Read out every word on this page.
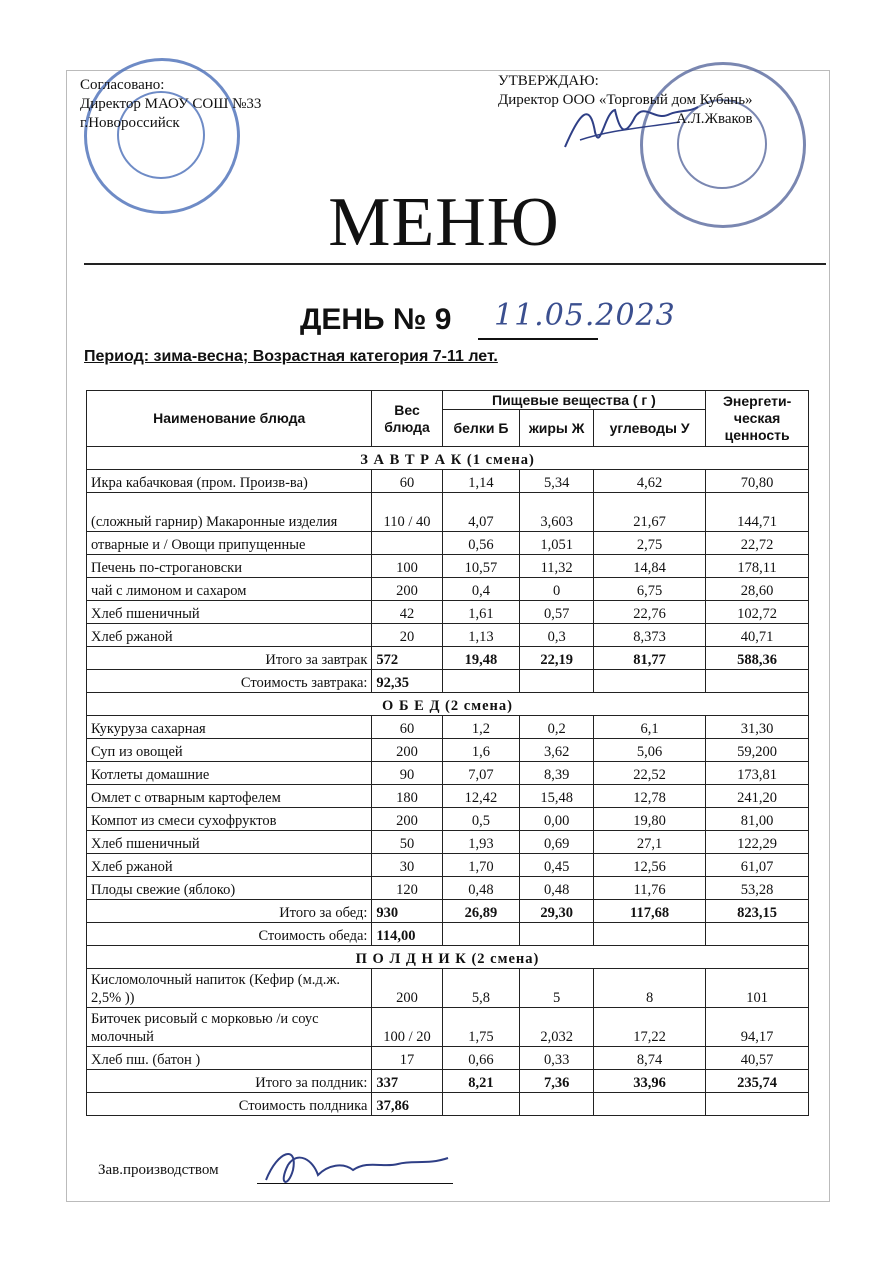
Согласовано:
Директор МАОУ СОШ №33
г.Новороссийск
УТВЕРЖДАЮ:
Директор ООО «Торговый дом Кубань»
А.Л.Жваков
МЕНЮ
ДЕНЬ № 9 11.05.2023
Период: зима-весна; Возрастная категория 7-11 лет.
Наименование блюда	Вес блюда	Пищевые вещества ( г )			Энергети-ческая ценность
		белки Б	жиры Ж	углеводы У	
З А В Т Р А К (1 смена)					
Икра кабачковая (пром. Произв-ва)	60	1,14	5,34	4,62	70,80
(сложный гарнир) Макаронные изделия	110 / 40	4,07	3,603	21,67	144,71
отварные и / Овощи припущенные		0,56	1,051	2,75	22,72
Печень по-строгановски	100	10,57	11,32	14,84	178,11
чай с лимоном и сахаром	200	0,4	0	6,75	28,60
Хлеб пшеничный	42	1,61	0,57	22,76	102,72
Хлеб ржаной	20	1,13	0,3	8,373	40,71
Итого за завтрак	572	19,48	22,19	81,77	588,36
Стоимость завтрака:	92,35				
О Б Е Д (2 смена)					
Кукуруза сахарная	60	1,2	0,2	6,1	31,30
Суп из овощей	200	1,6	3,62	5,06	59,200
Котлеты домашние	90	7,07	8,39	22,52	173,81
Омлет с отварным картофелем	180	12,42	15,48	12,78	241,20
Компот из смеси сухофруктов	200	0,5	0,00	19,80	81,00
Хлеб пшеничный	50	1,93	0,69	27,1	122,29
Хлеб ржаной	30	1,70	0,45	12,56	61,07
Плоды свежие (яблоко)	120	0,48	0,48	11,76	53,28
Итого за обед:	930	26,89	29,30	117,68	823,15
Стоимость обеда:	114,00				
П О Л Д Н И К (2 смена)					
Кисломолочный напиток (Кефир (м.д.ж. 2,5% ))	200	5,8	5	8	101
Биточек рисовый с морковью /и соус молочный	100 / 20	1,75	2,032	17,22	94,17
Хлеб пш. (батон )	17	0,66	0,33	8,74	40,57
Итого за полдник:	337	8,21	7,36	33,96	235,74
Стоимость полдника	37,86				
Зав.производством
